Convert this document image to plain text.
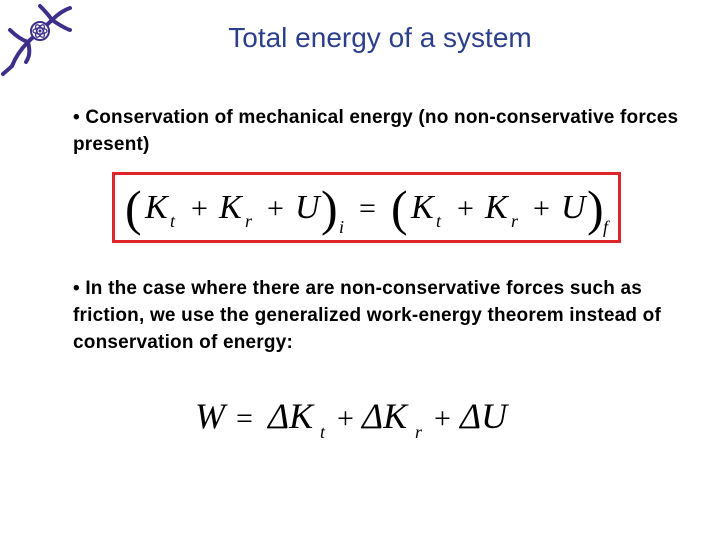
Total energy of a system
• Conservation of mechanical energy (no non-conservative forces present)
( K t + K r + U ) i
= ( K t + K r + U ) f
• In the case where there are non-conservative forces such as friction, we use the generalized work-energy theorem instead of conservation of energy:
W = ΔK t + ΔK r + ΔU
